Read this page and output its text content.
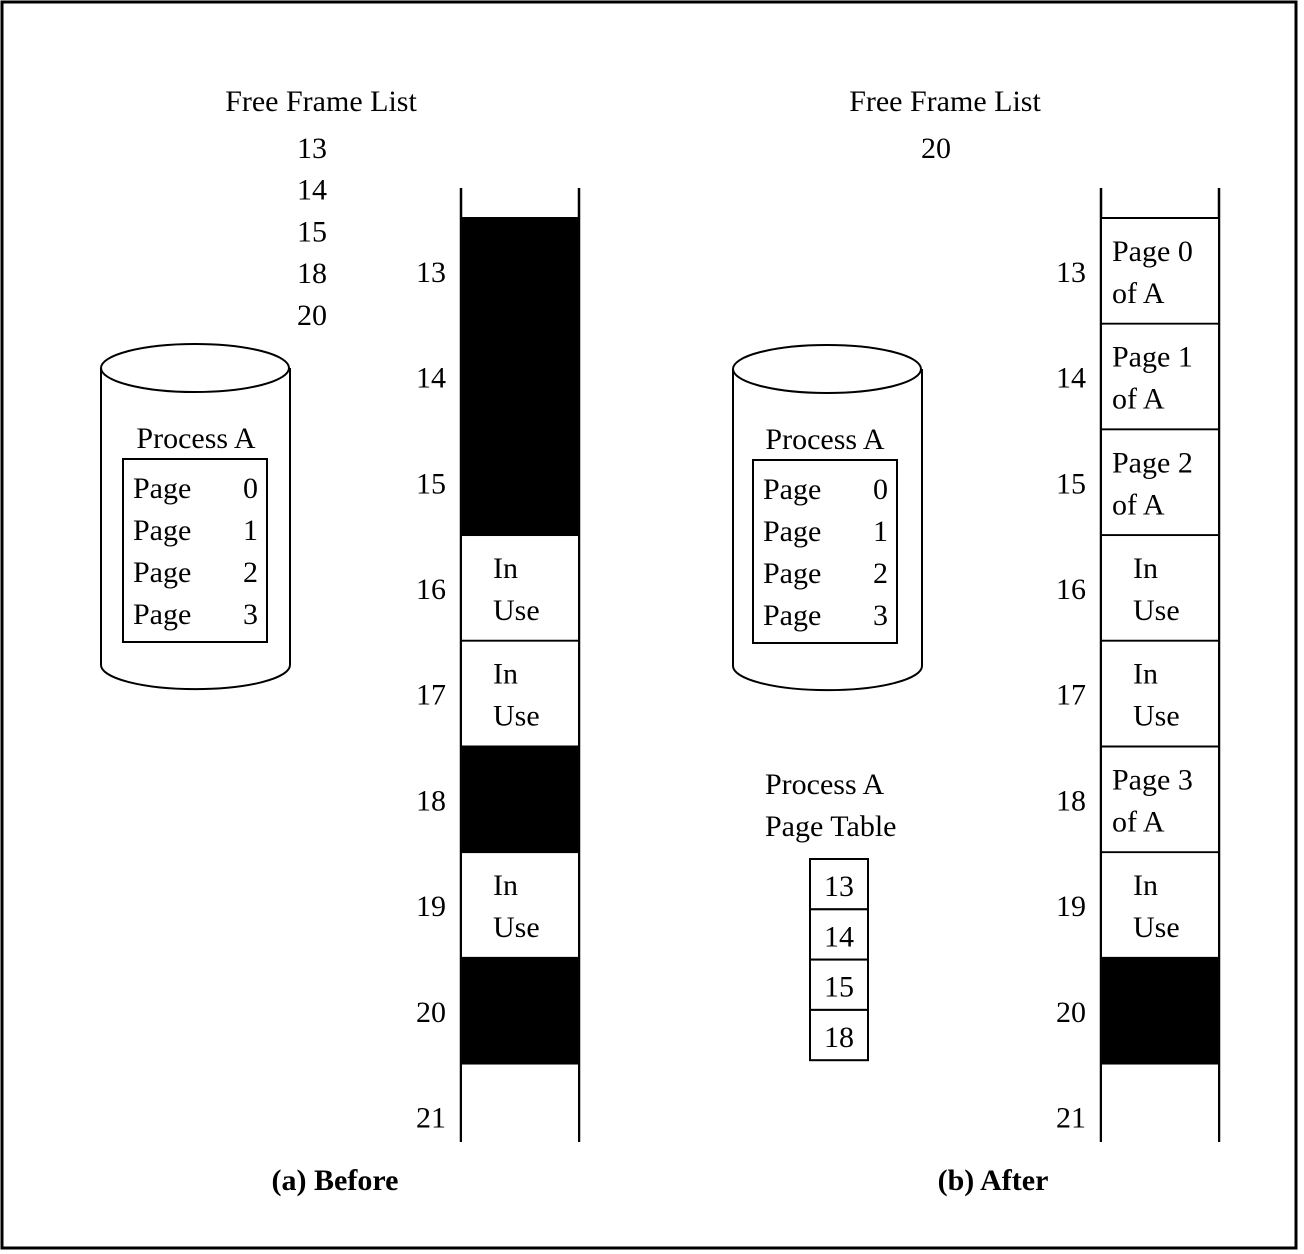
Free Frame List
13
14
15
18
20
Process A
Page 0
Page 1
Page 2
Page 3
13
14
15
16
In
Use
17
In
Use
18
19
In
Use
20
21
(a) Before
Free Frame List
20
Process A
Page 0
Page 1
Page 2
Page 3
Process A
Page Table
13
14
15
18
13
Page 0
of A
14
Page 1
of A
15
Page 2
of A
16
In
Use
17
In
Use
18
Page 3
of A
19
In
Use
20
21
(b) After
